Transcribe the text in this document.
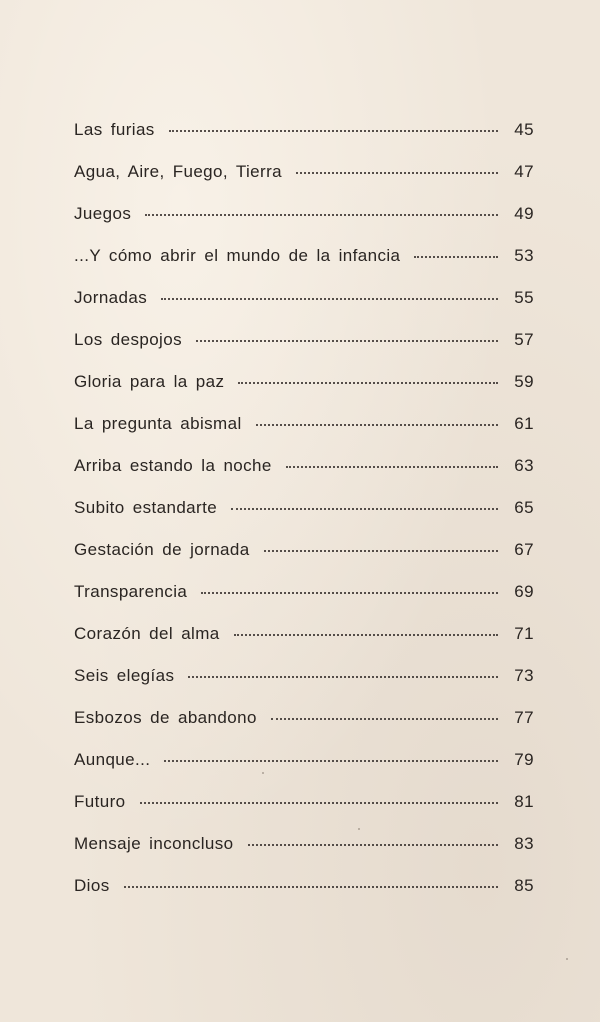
Las furias	45
Agua, Aire, Fuego, Tierra	47
Juegos	49
...Y cómo abrir el mundo de la infancia	53
Jornadas	55
Los despojos	57
Gloria para la paz	59
La pregunta abismal	61
Arriba estando la noche	63
Subito estandarte	65
Gestación de jornada	67
Transparencia	69
Corazón del alma	71
Seis elegías	73
Esbozos de abandono	77
Aunque...	79
Futuro	81
Mensaje inconcluso	83
Dios	85
